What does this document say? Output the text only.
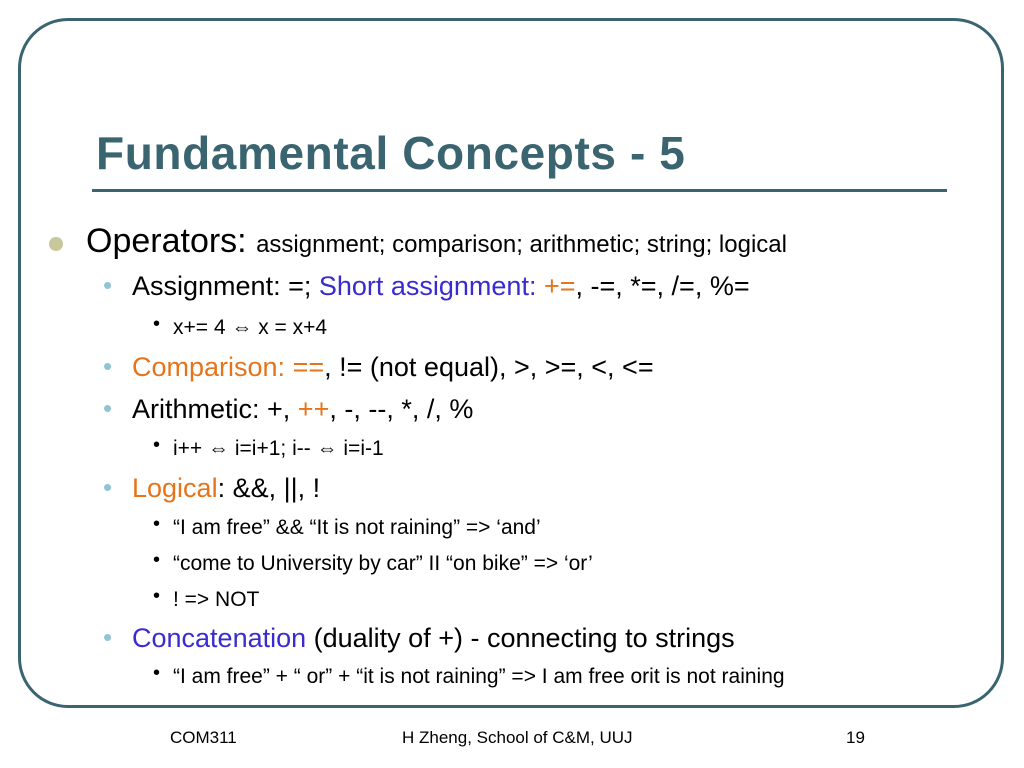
Fundamental Concepts - 5
Operators: assignment; comparison; arithmetic; string; logical
• Assignment: =; Short assignment: +=, -=, *=, /=, %=
• x+= 4 ⇔ x = x+4
• Comparison: ==, != (not equal), >, >=, <, <=
• Arithmetic: +, ++, -, --, *, /, %
• i++ ⇔ i=i+1; i-- ⇔ i=i-1
• Logical: &&, ||, !
• “I am free” && “It is not raining” => ‘and’
• “come to University by car” II “on bike” => ‘or’
• ! => NOT
• Concatenation (duality of +) - connecting to strings
• “I am free” + “ or” + “it is not raining” => I am free orit is not raining
COM311	H Zheng, School of C&M, UUJ	19
